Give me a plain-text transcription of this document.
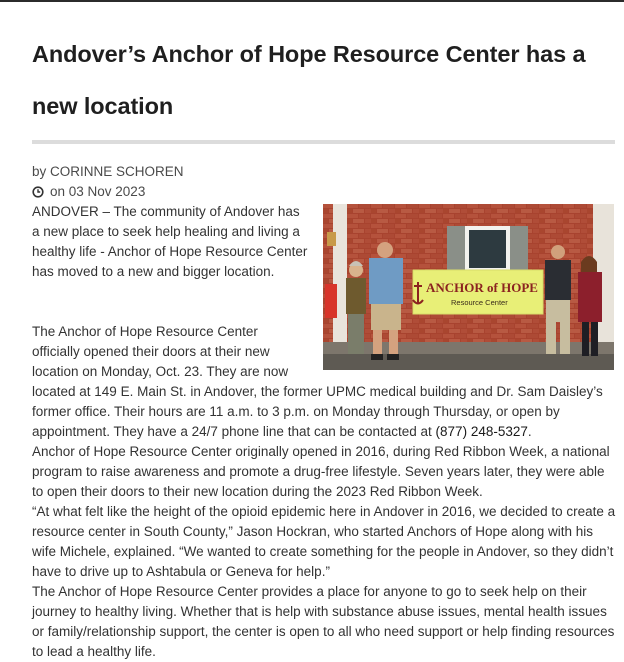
Andover’s Anchor of Hope Resource Center has a new location
by CORINNE SCHOREN
on 03 Nov 2023
ANCHOR of HOPE
Resource Center

ANDOVER – The community of Andover has a new place to seek help healing and living a healthy life - Anchor of Hope Resource Center has moved to a new and bigger location.

The Anchor of Hope Resource Center officially opened their doors at their new location on Monday, Oct. 23. They are now located at 149 E. Main St. in Andover, the former UPMC medical building and Dr. Sam Daisley’s former office. Their hours are 11 a.m. to 3 p.m. on Monday through Thursday, or open by appointment. They have a 24/7 phone line that can be contacted at (877) 248-5327.

Anchor of Hope Resource Center originally opened in 2016, during Red Ribbon Week, a national program to raise awareness and promote a drug-free lifestyle. Seven years later, they were able to open their doors to their new location during the 2023 Red Ribbon Week.

“At what felt like the height of the opioid epidemic here in Andover in 2016, we decided to create a resource center in South County,” Jason Hockran, who started Anchors of Hope along with his wife Michele, explained. “We wanted to create something for the people in Andover, so they didn’t have to drive up to Ashtabula or Geneva for help.”

The Anchor of Hope Resource Center provides a place for anyone to go to seek help on their journey to healthy living. Whether that is help with substance abuse issues, mental health issues or family/relationship support, the center is open to all who need support or help finding resources to lead a healthy life.
